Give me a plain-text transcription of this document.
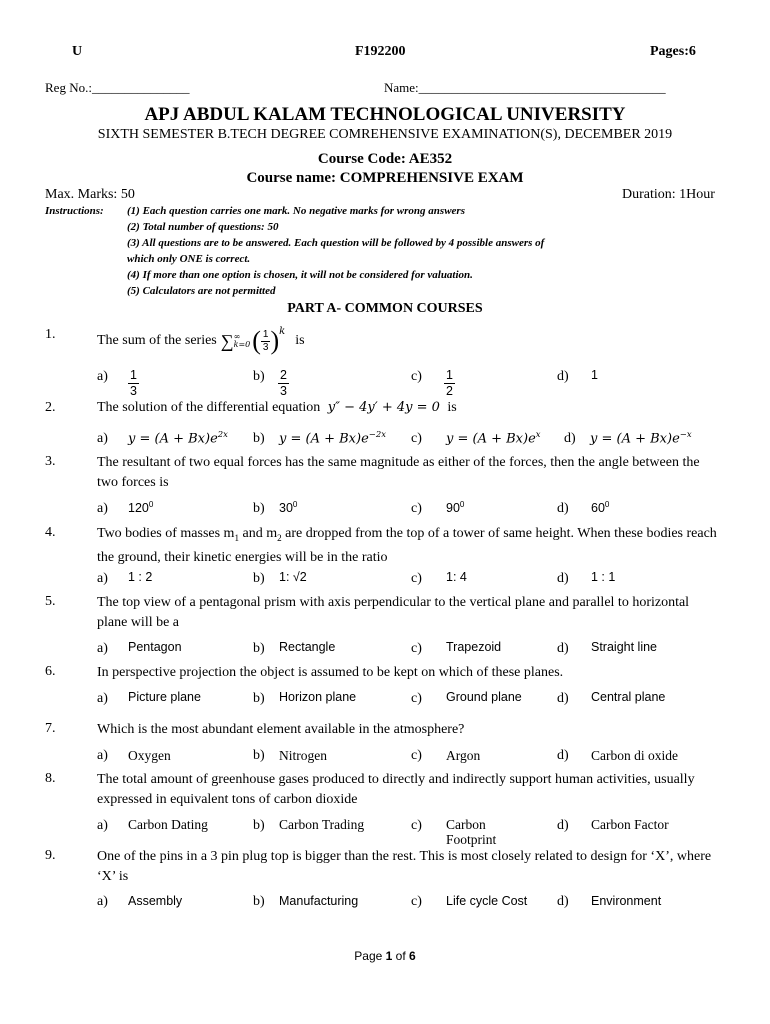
U	F192200	Pages:6
Reg No.:_______________	Name:______________________________________
APJ ABDUL KALAM TECHNOLOGICAL UNIVERSITY
SIXTH SEMESTER B.TECH DEGREE COMREHENSIVE EXAMINATION(S), DECEMBER 2019
Course Code: AE352
Course name: COMPREHENSIVE EXAM
Max. Marks: 50	Duration: 1Hour
Instructions: (1) Each question carries one mark. No negative marks for wrong answers
(2) Total number of questions: 50
(3) All questions are to be answered. Each question will be followed by 4 possible answers of
which only ONE is correct.
(4) If more than one option is chosen, it will not be considered for valuation.
(5) Calculators are not permitted
PART A- COMMON COURSES
1.	The sum of the series ∑ ∞
k=0 ( $\frac{1}{3}$ ) k
is
$a) \frac{1}{3}$	$b) \frac{2}{3}$	$c) \frac{1}{2}$	d) 1
2.	The solution of the differential equation y″ − 4y′ + 4y = 0 is
a) $y = (A + Bx)e^{2x}$ b) $y = (A + Bx)e^{-2x}$ c) $y = (A + Bx)e^x$ d) $y = (A + Bx)e^{-x}$
3.	The resultant of two equal forces has the same magnitude as either of the forces, then the angle between the two forces is
a) $120^0$	b) $30^0$	c) $90^0$	d) $60^0$
4.	Two bodies of masses $m_1$ and $m_2$ are dropped from the top of a tower of same height. When these bodies reach the ground, their kinetic energies will be in the ratio
a) 1 : 2	b) 1: √2	c) 1: 4	d) 1 : 1
5.	The top view of a pentagonal prism with axis perpendicular to the vertical plane and parallel to horizontal plane will be a
a) Pentagon	b) Rectangle	c) Trapezoid	d) Straight line
6.	In perspective projection the object is assumed to be kept on which of these planes.
a) Picture plane	b) Horizon plane	c) Ground plane	d) Central plane
7.	Which is the most abundant element available in the atmosphere?
a) Oxygen	b) Nitrogen	c) Argon	d) Carbon di oxide
8.	The total amount of greenhouse gases produced to directly and indirectly support human activities, usually expressed in equivalent tons of carbon dioxide
a) Carbon Dating	b) Carbon Trading	c) Carbon
Footprint
d) Carbon Factor
9.	One of the pins in a 3 pin plug top is bigger than the rest. This is most closely related to design for ‘X’, where ‘X’ is
a) Assembly	b) Manufacturing	c) Life cycle Cost d) Environment
Page 1 of 6
